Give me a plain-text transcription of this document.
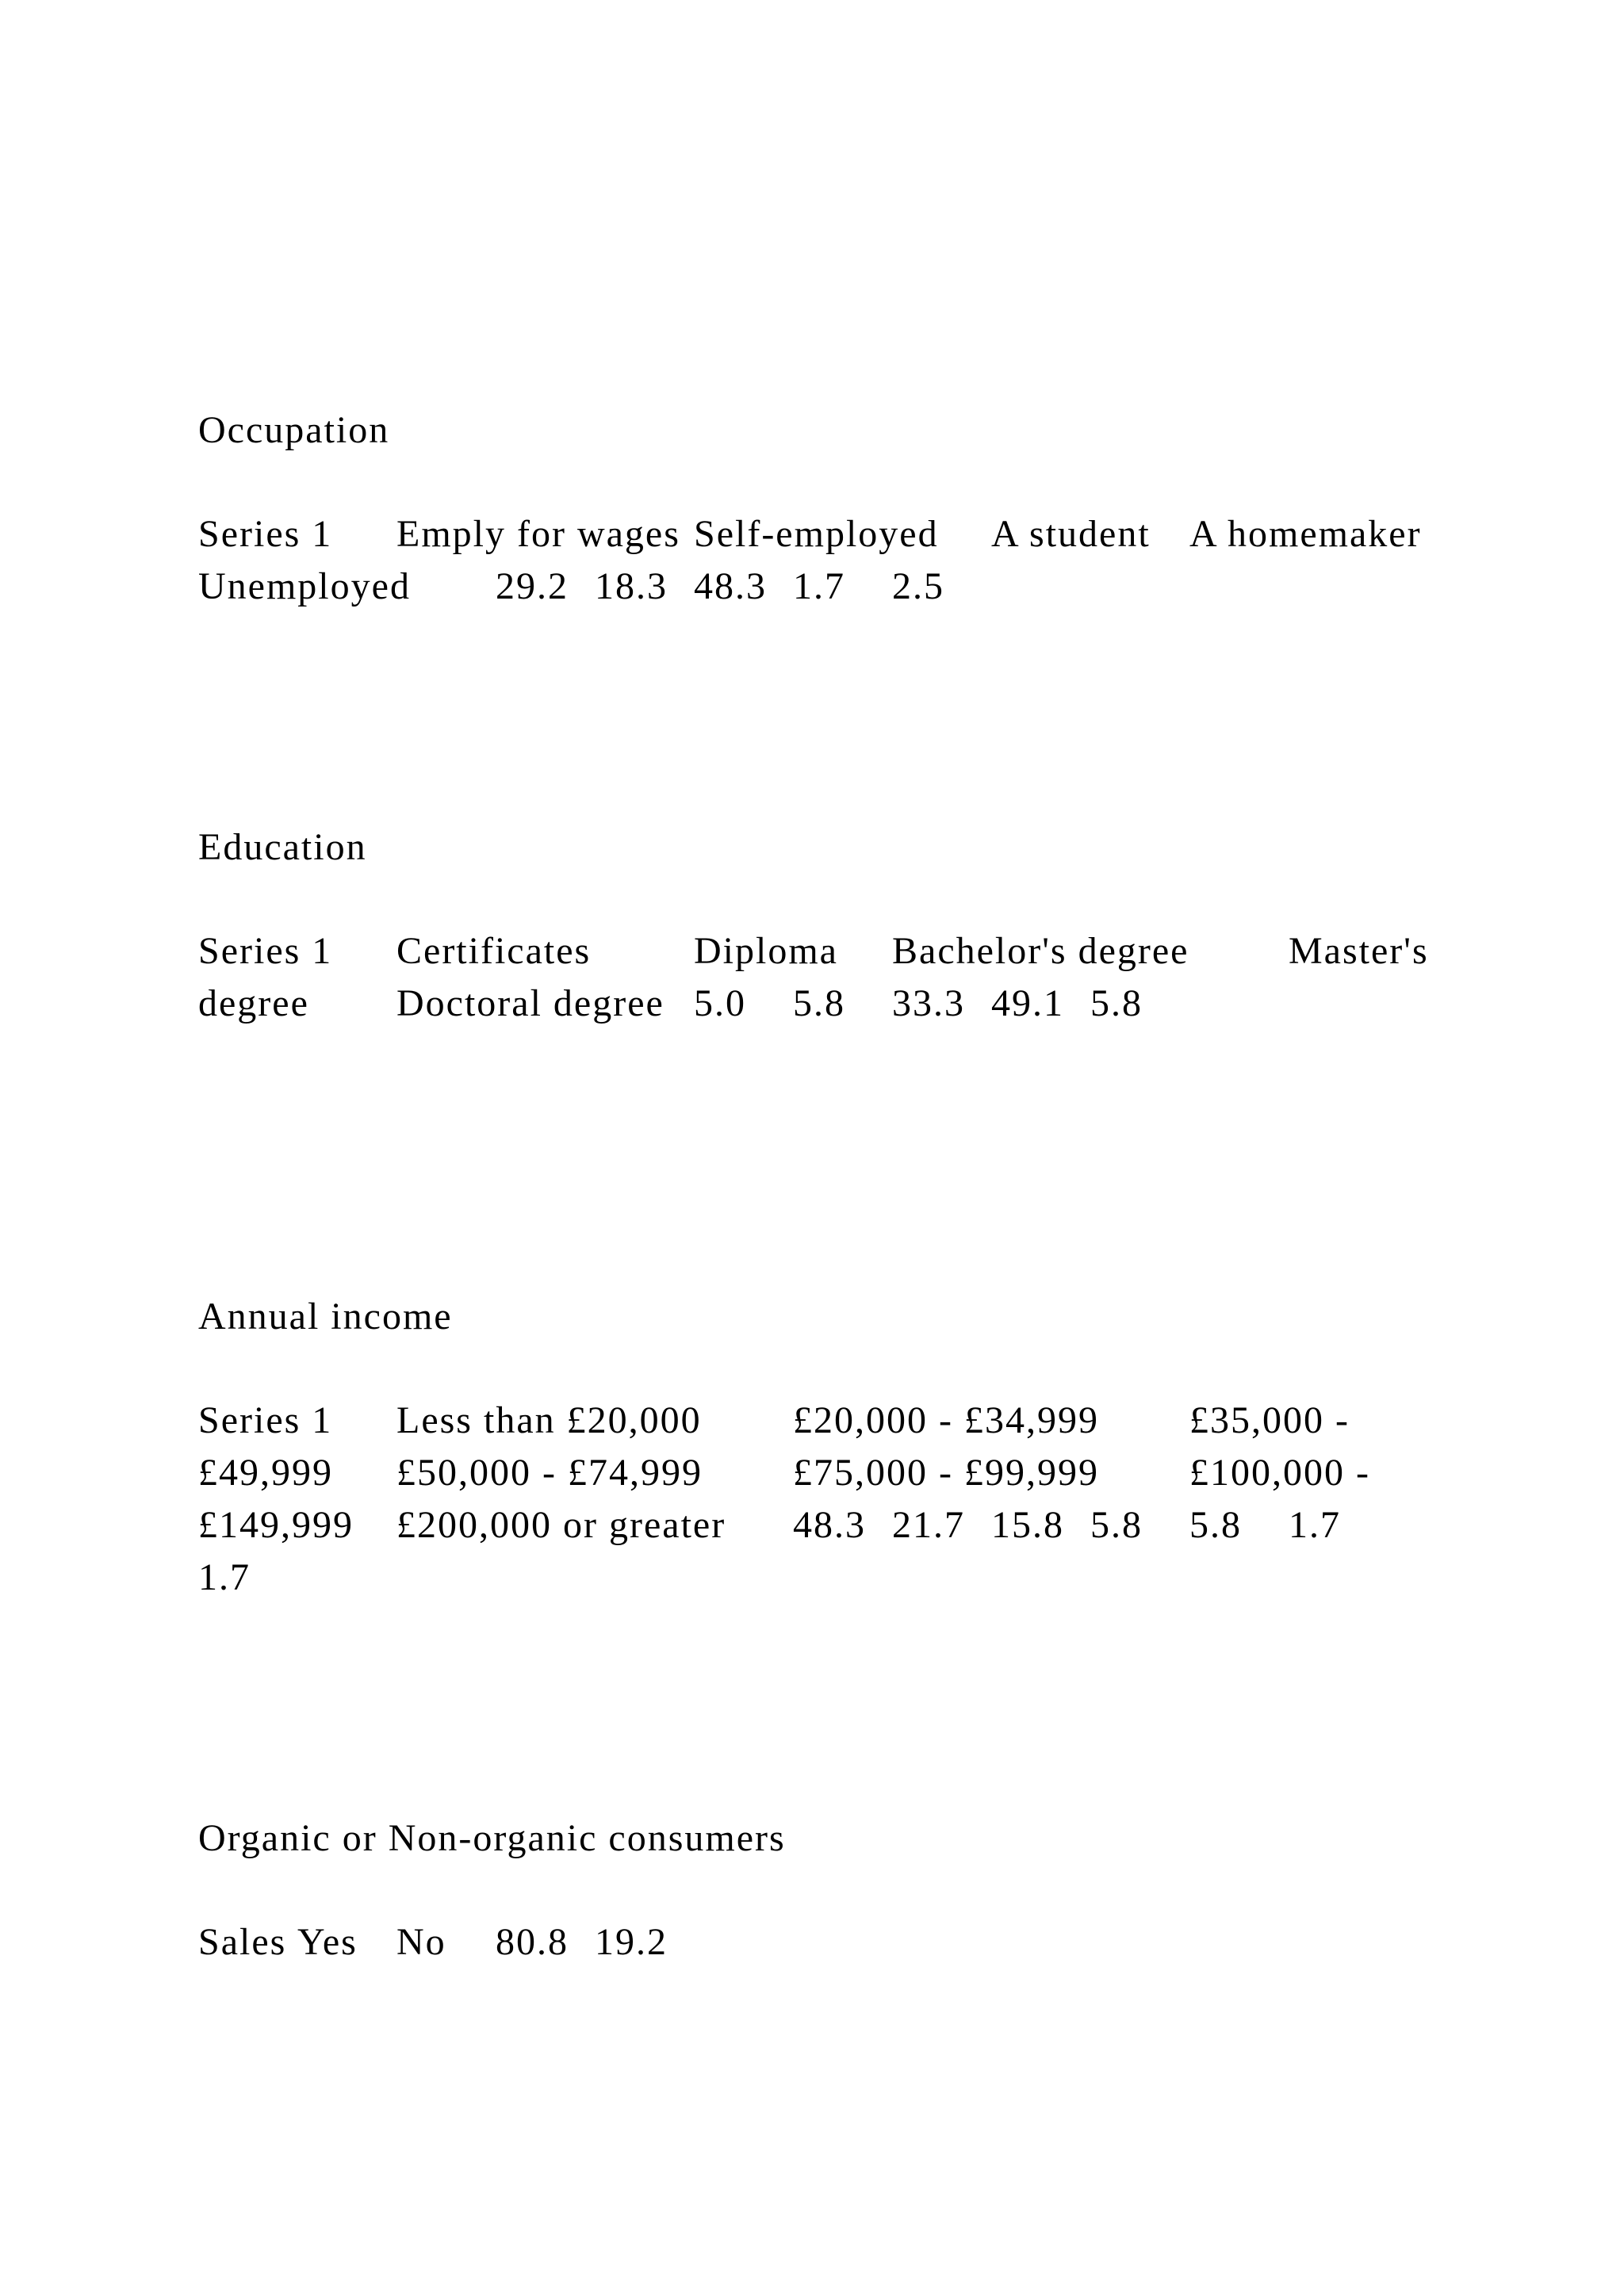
Occupation
Series 1	Emply for wages	Self-employed	A student	A homemaker	Unemployed	29.2	18.3	48.3	1.7	2.5
Education
Series 1	Certificates	Diploma	Bachelor's degree	Master's degree	Doctoral degree	5.0	5.8	33.3	49.1	5.8
Annual income
Series 1	Less than £20,000	£20,000 - £34,999	£35,000 - £49,999	£50,000 - £74,999	£75,000 - £99,999	£100,000 - £149,999	£200,000 or greater	48.3	21.7	15.8	5.8	5.8	1.7	1.7
Organic or Non-organic consumers
Sales	Yes	No	80.8	19.2
